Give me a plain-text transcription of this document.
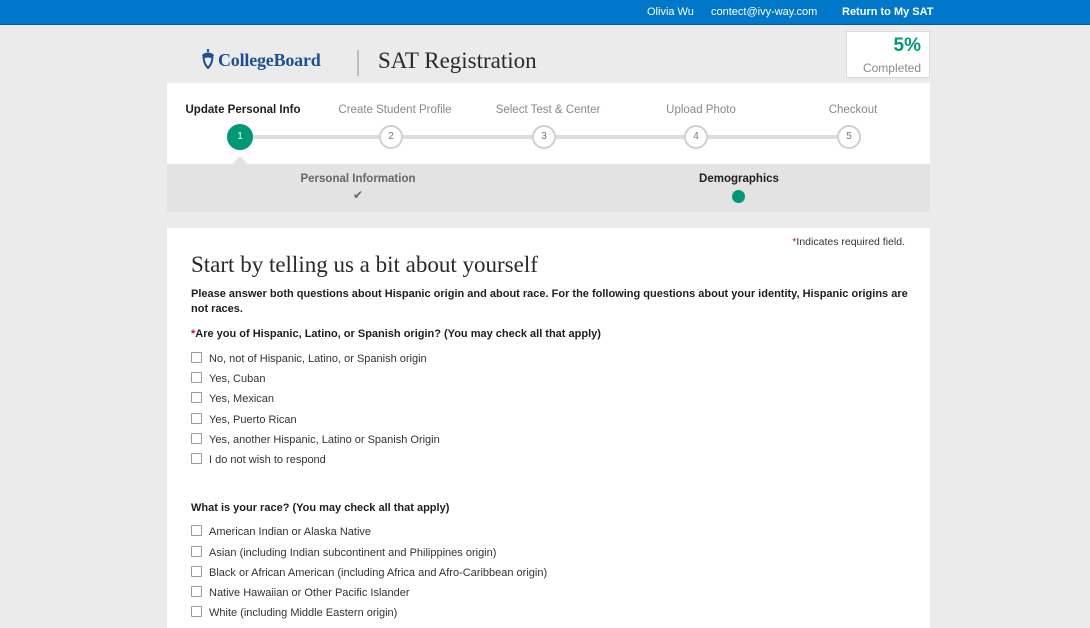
Olivia Wu contect@ivy-way.com Return to My SAT
CollegeBoard SAT Registration
5%
Completed
Update Personal Info	Create Student Profile	Select Test & Center	Upload Photo	Checkout
1	2	3	4	5
Personal Information
✔
Demographics
*Indicates required field.
Start by telling us a bit about yourself
Please answer both questions about Hispanic origin and about race. For the following questions about your identity, Hispanic origins are not races.
*Are you of Hispanic, Latino, or Spanish origin? (You may check all that apply)
No, not of Hispanic, Latino, or Spanish origin
Yes, Cuban
Yes, Mexican
Yes, Puerto Rican
Yes, another Hispanic, Latino or Spanish Origin
I do not wish to respond
What is your race? (You may check all that apply)
American Indian or Alaska Native
Asian (including Indian subcontinent and Philippines origin)
Black or African American (including Africa and Afro-Caribbean origin)
Native Hawaiian or Other Pacific Islander
White (including Middle Eastern origin)
